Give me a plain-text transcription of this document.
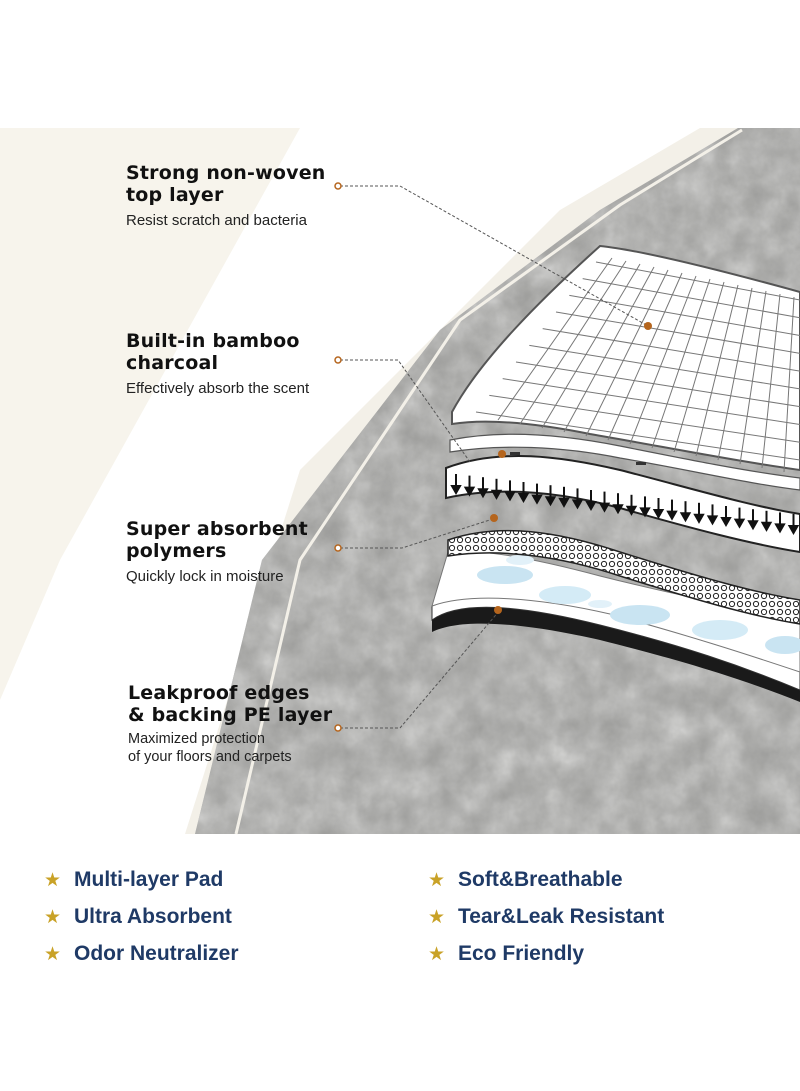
Strong non-woven
top layer
Resist scratch and bacteria
Built-in bamboo
charcoal
Effectively absorb the scent
Super absorbent
polymers
Quickly lock in moisture
Leakproof edges
& backing PE layer
Maximized protection
of your floors and carpets
★ Multi-layer Pad	★ Soft&Breathable
★ Ultra Absorbent	★ Tear&Leak Resistant
★ Odor Neutralizer	★ Eco Friendly
